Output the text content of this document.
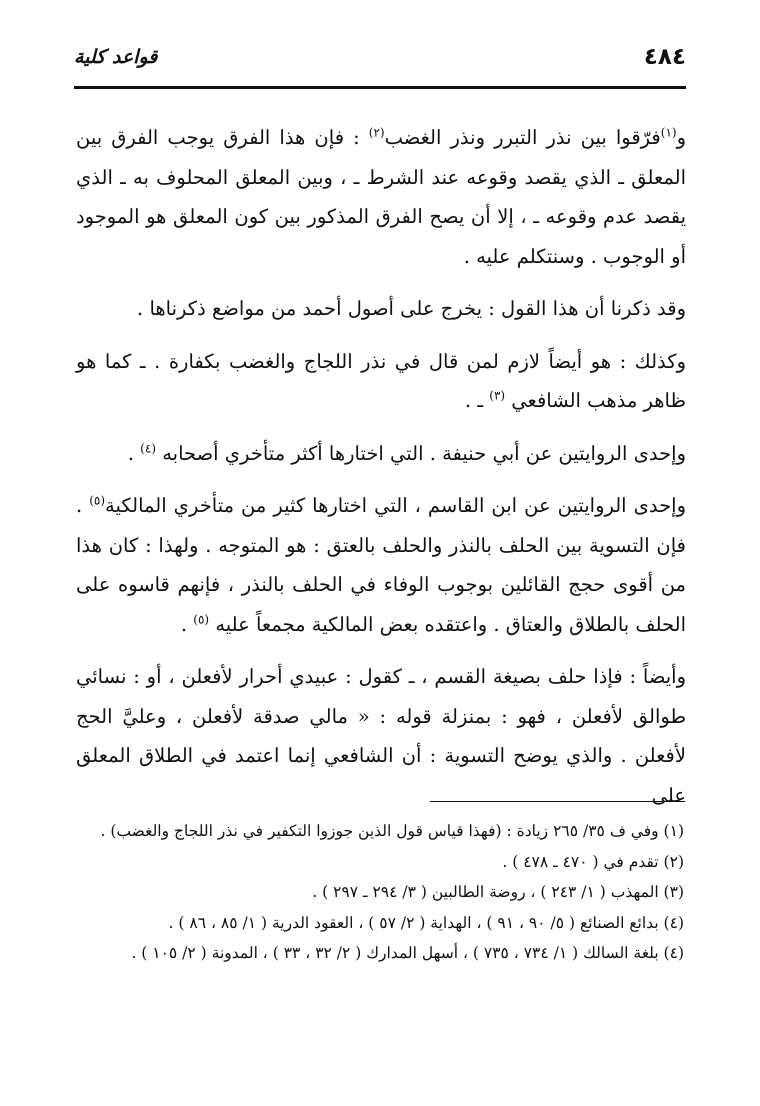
٤٨٤
قواعد كلية

و$^{(١)}$فرّقوا بين نذر التبرر ونذر الغضب$^{(٢)}$ : فإن هذا الفرق يوجب الفرق بين المعلق ـ الذي يقصد وقوعه عند الشرط ـ ، وبين المعلق المحلوف به ـ الذي يقصد عدم وقوعه ـ ، إلا أن يصح الفرق المذكور بين كون المعلق هو الموجود أو الوجوب . وسنتكلم عليه .

وقد ذكرنا أن هذا القول : يخرج على أصول أحمد من مواضع ذكرناها .

وكذلك : هو أيضاً لازم لمن قال في نذر اللجاج والغضب بكفارة . ـ كما هو ظاهر مذهب الشافعي $^{(٣)}$ ـ .

وإحدى الروايتين عن أبي حنيفة . التي اختارها أكثر متأخري أصحابه $^{(٤)}$ .

وإحدى الروايتين عن ابن القاسم ، التي اختارها كثير من متأخري المالكية$^{(٥)}$ . فإن التسوية بين الحلف بالنذر والحلف بالعتق : هو المتوجه . ولهذا : كان هذا من أقوى حجج القائلين بوجوب الوفاء في الحلف بالنذر ، فإنهم قاسوه على الحلف بالطلاق والعتاق . واعتقده بعض المالكية مجمعاً عليه $^{(٥)}$ .

وأيضاً : فإذا حلف بصيغة القسم ، ـ كقول : عبيدي أحرار لأفعلن ، أو : نسائي طوالق لأفعلن ، فهو : بمنزلة قوله : « مالي صدقة لأفعلن ، وعليَّ الحج لأفعلن . والذي يوضح التسوية : أن الشافعي إنما اعتمد في الطلاق المعلق على

(١) وفي ف ٣٥/ ٢٦٥ زيادة : (فهذا قياس قول الذين جوزوا التكفير في نذر اللجاج والغضب) .

(٢) تقدم في ( ٤٧٠ ـ ٤٧٨ ) .

(٣) المهذب ( ١/ ٢٤٣ ) ، روضة الطالبين ( ٣/ ٢٩٤ ـ ٢٩٧ ) .

(٤) بدائع الصنائع ( ٥/ ٩٠ ، ٩١ ) ، الهداية ( ٢/ ٥٧ ) ، العقود الدرية ( ١/ ٨٥ ، ٨٦ ) .

(٤) بلغة السالك ( ١/ ٧٣٤ ، ٧٣٥ ) ، أسهل المدارك ( ٢/ ٣٢ ، ٣٣ ) ، المدونة ( ٢/ ١٠٥ ) .
